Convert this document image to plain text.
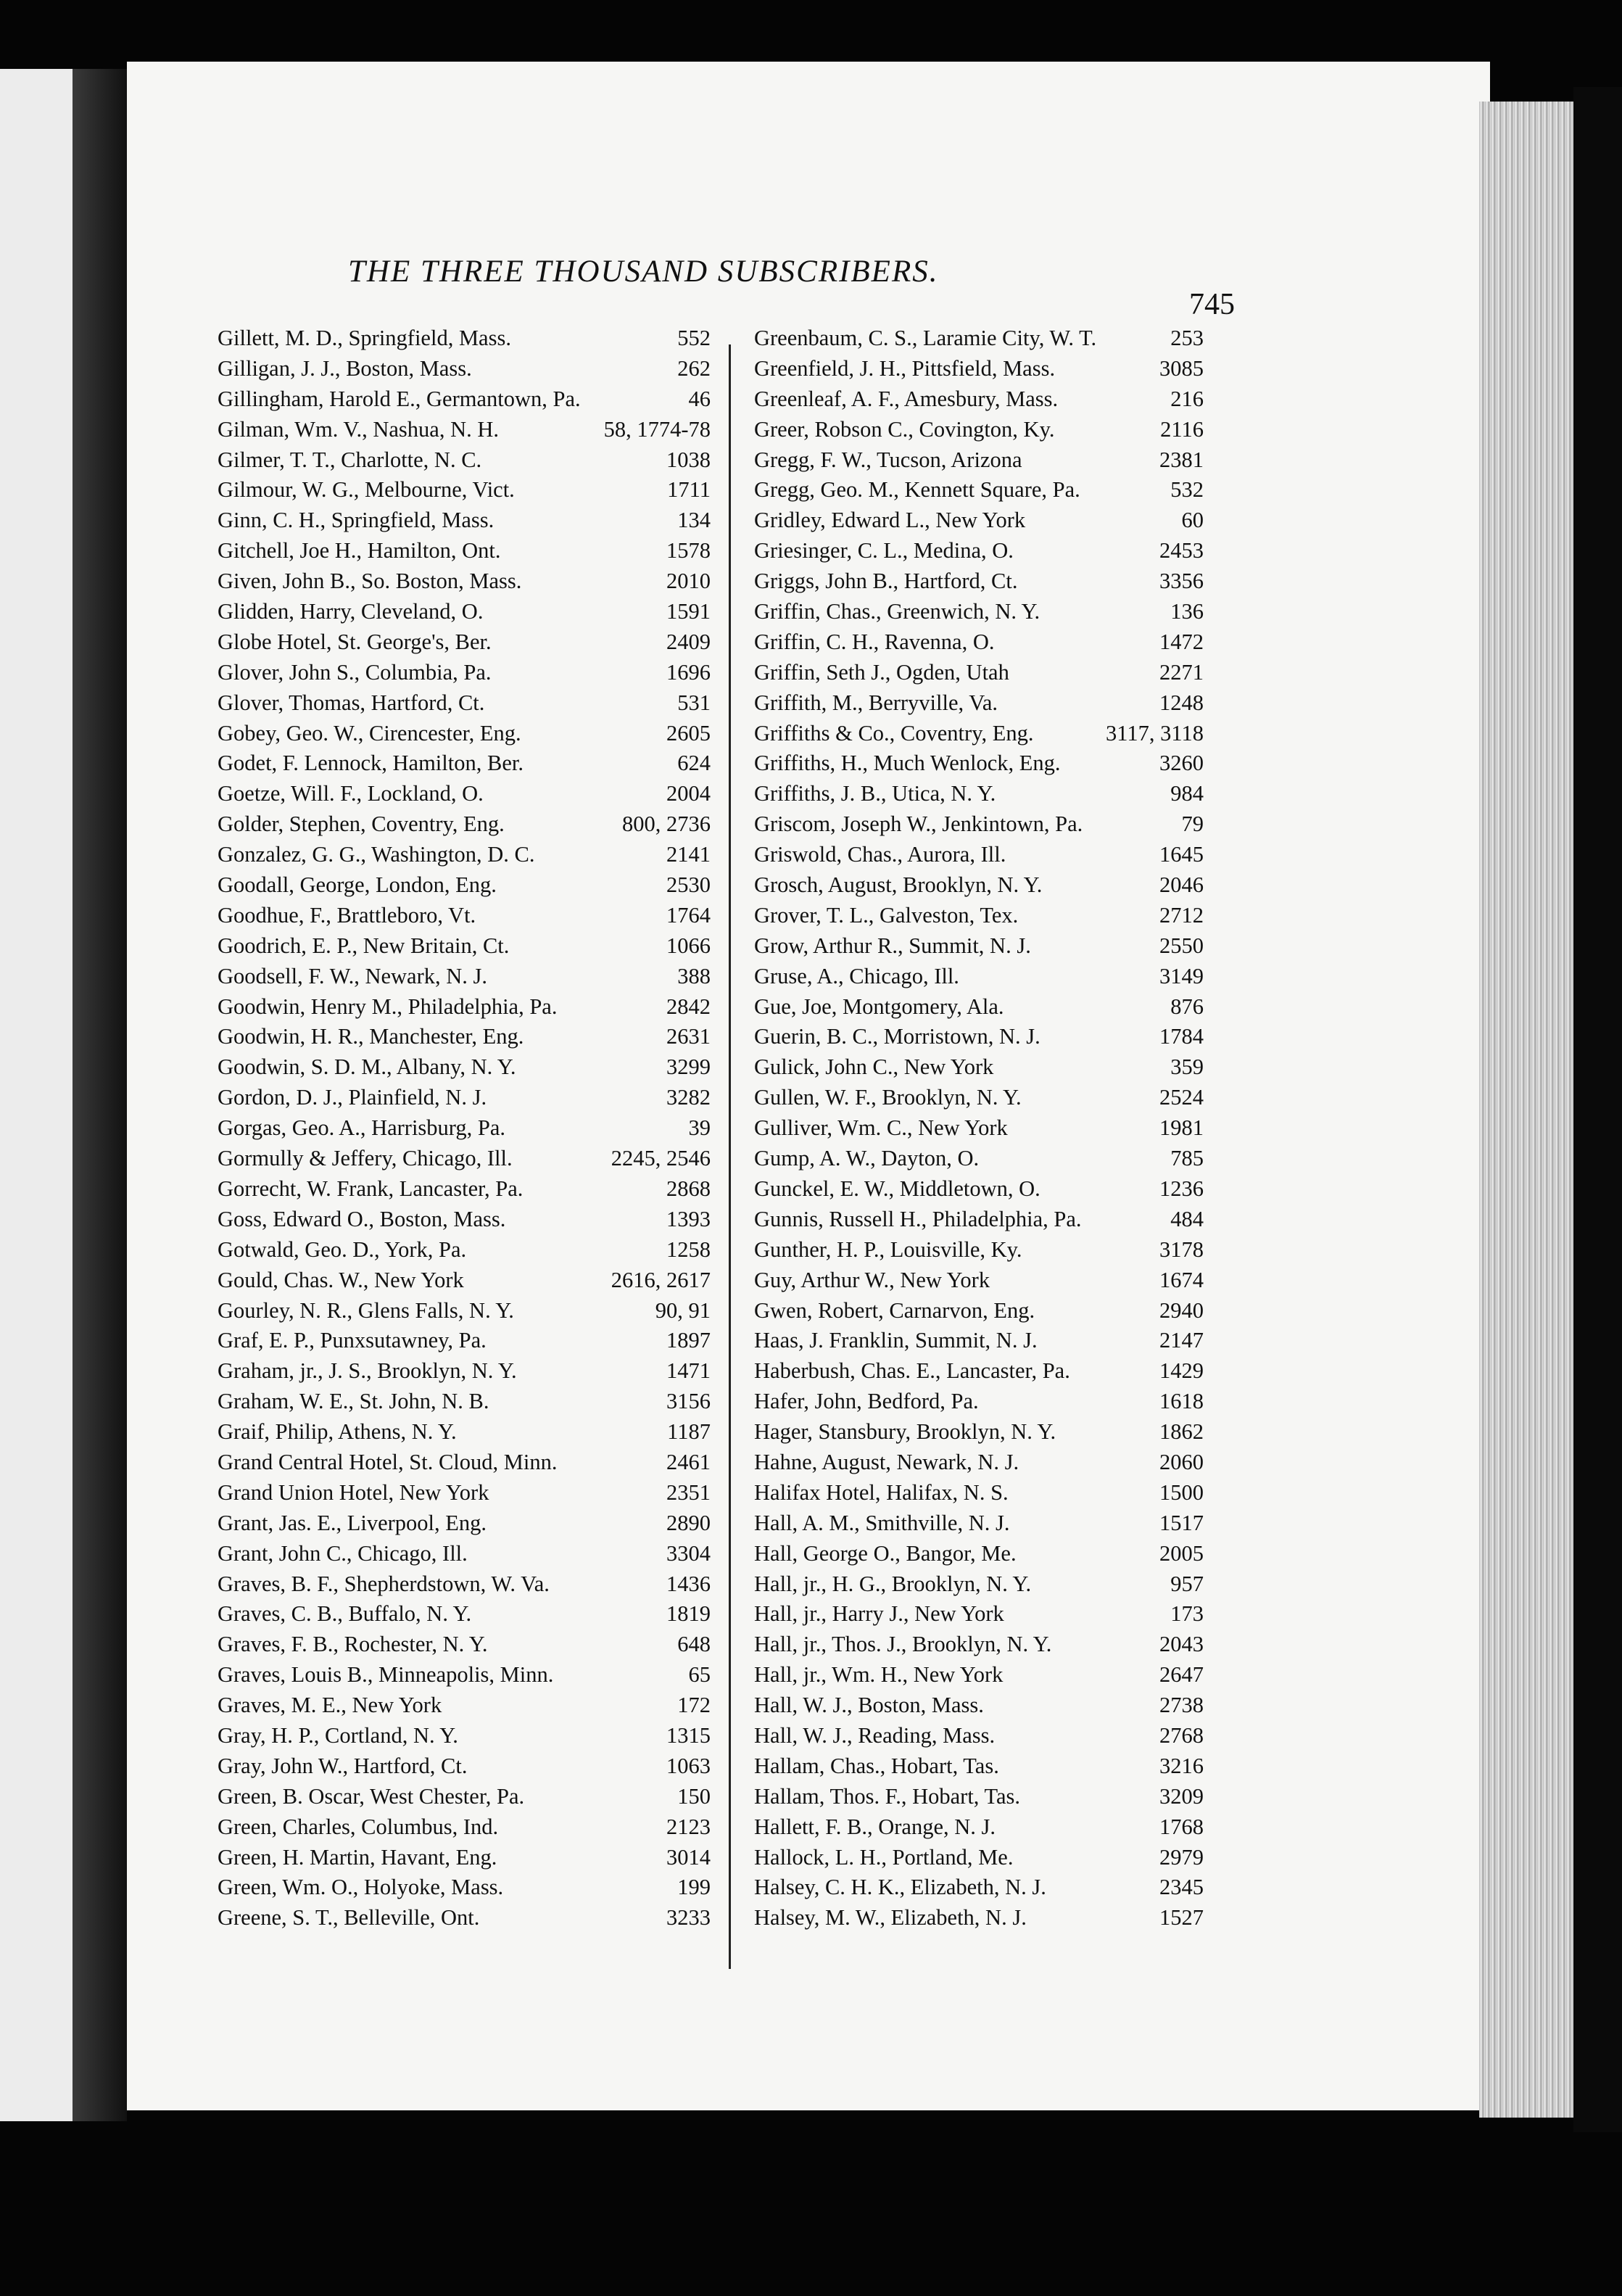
THE THREE THOUSAND SUBSCRIBERS.
745
Gillett, M. D., Springfield, Mass.	552
Gilligan, J. J., Boston, Mass.	262
Gillingham, Harold E., Germantown, Pa.	46
Gilman, Wm. V., Nashua, N. H.	58, 1774-78
Gilmer, T. T., Charlotte, N. C.	1038
Gilmour, W. G., Melbourne, Vict.	1711
Ginn, C. H., Springfield, Mass.	134
Gitchell, Joe H., Hamilton, Ont.	1578
Given, John B., So. Boston, Mass.	2010
Glidden, Harry, Cleveland, O.	1591
Globe Hotel, St. George's, Ber.	2409
Glover, John S., Columbia, Pa.	1696
Glover, Thomas, Hartford, Ct.	531
Gobey, Geo. W., Cirencester, Eng.	2605
Godet, F. Lennock, Hamilton, Ber.	624
Goetze, Will. F., Lockland, O.	2004
Golder, Stephen, Coventry, Eng.	800, 2736
Gonzalez, G. G., Washington, D. C.	2141
Goodall, George, London, Eng.	2530
Goodhue, F., Brattleboro, Vt.	1764
Goodrich, E. P., New Britain, Ct.	1066
Goodsell, F. W., Newark, N. J.	388
Goodwin, Henry M., Philadelphia, Pa.	2842
Goodwin, H. R., Manchester, Eng.	2631
Goodwin, S. D. M., Albany, N. Y.	3299
Gordon, D. J., Plainfield, N. J.	3282
Gorgas, Geo. A., Harrisburg, Pa.	39
Gormully & Jeffery, Chicago, Ill.	2245, 2546
Gorrecht, W. Frank, Lancaster, Pa.	2868
Goss, Edward O., Boston, Mass.	1393
Gotwald, Geo. D., York, Pa.	1258
Gould, Chas. W., New York	2616, 2617
Gourley, N. R., Glens Falls, N. Y.	90, 91
Graf, E. P., Punxsutawney, Pa.	1897
Graham, jr., J. S., Brooklyn, N. Y.	1471
Graham, W. E., St. John, N. B.	3156
Graif, Philip, Athens, N. Y.	1187
Grand Central Hotel, St. Cloud, Minn.	2461
Grand Union Hotel, New York	2351
Grant, Jas. E., Liverpool, Eng.	2890
Grant, John C., Chicago, Ill.	3304
Graves, B. F., Shepherdstown, W. Va.	1436
Graves, C. B., Buffalo, N. Y.	1819
Graves, F. B., Rochester, N. Y.	648
Graves, Louis B., Minneapolis, Minn.	65
Graves, M. E., New York	172
Gray, H. P., Cortland, N. Y.	1315
Gray, John W., Hartford, Ct.	1063
Green, B. Oscar, West Chester, Pa.	150
Green, Charles, Columbus, Ind.	2123
Green, H. Martin, Havant, Eng.	3014
Green, Wm. O., Holyoke, Mass.	199
Greene, S. T., Belleville, Ont.	3233
Greenbaum, C. S., Laramie City, W. T.	253
Greenfield, J. H., Pittsfield, Mass.	3085
Greenleaf, A. F., Amesbury, Mass.	216
Greer, Robson C., Covington, Ky.	2116
Gregg, F. W., Tucson, Arizona	2381
Gregg, Geo. M., Kennett Square, Pa.	532
Gridley, Edward L., New York	60
Griesinger, C. L., Medina, O.	2453
Griggs, John B., Hartford, Ct.	3356
Griffin, Chas., Greenwich, N. Y.	136
Griffin, C. H., Ravenna, O.	1472
Griffin, Seth J., Ogden, Utah	2271
Griffith, M., Berryville, Va.	1248
Griffiths & Co., Coventry, Eng.	3117, 3118
Griffiths, H., Much Wenlock, Eng.	3260
Griffiths, J. B., Utica, N. Y.	984
Griscom, Joseph W., Jenkintown, Pa.	79
Griswold, Chas., Aurora, Ill.	1645
Grosch, August, Brooklyn, N. Y.	2046
Grover, T. L., Galveston, Tex.	2712
Grow, Arthur R., Summit, N. J.	2550
Gruse, A., Chicago, Ill.	3149
Gue, Joe, Montgomery, Ala.	876
Guerin, B. C., Morristown, N. J.	1784
Gulick, John C., New York	359
Gullen, W. F., Brooklyn, N. Y.	2524
Gulliver, Wm. C., New York	1981
Gump, A. W., Dayton, O.	785
Gunckel, E. W., Middletown, O.	1236
Gunnis, Russell H., Philadelphia, Pa.	484
Gunther, H. P., Louisville, Ky.	3178
Guy, Arthur W., New York	1674
Gwen, Robert, Carnarvon, Eng.	2940
Haas, J. Franklin, Summit, N. J.	2147
Haberbush, Chas. E., Lancaster, Pa.	1429
Hafer, John, Bedford, Pa.	1618
Hager, Stansbury, Brooklyn, N. Y.	1862
Hahne, August, Newark, N. J.	2060
Halifax Hotel, Halifax, N. S.	1500
Hall, A. M., Smithville, N. J.	1517
Hall, George O., Bangor, Me.	2005
Hall, jr., H. G., Brooklyn, N. Y.	957
Hall, jr., Harry J., New York	173
Hall, jr., Thos. J., Brooklyn, N. Y.	2043
Hall, jr., Wm. H., New York	2647
Hall, W. J., Boston, Mass.	2738
Hall, W. J., Reading, Mass.	2768
Hallam, Chas., Hobart, Tas.	3216
Hallam, Thos. F., Hobart, Tas.	3209
Hallett, F. B., Orange, N. J.	1768
Hallock, L. H., Portland, Me.	2979
Halsey, C. H. K., Elizabeth, N. J.	2345
Halsey, M. W., Elizabeth, N. J.	1527
